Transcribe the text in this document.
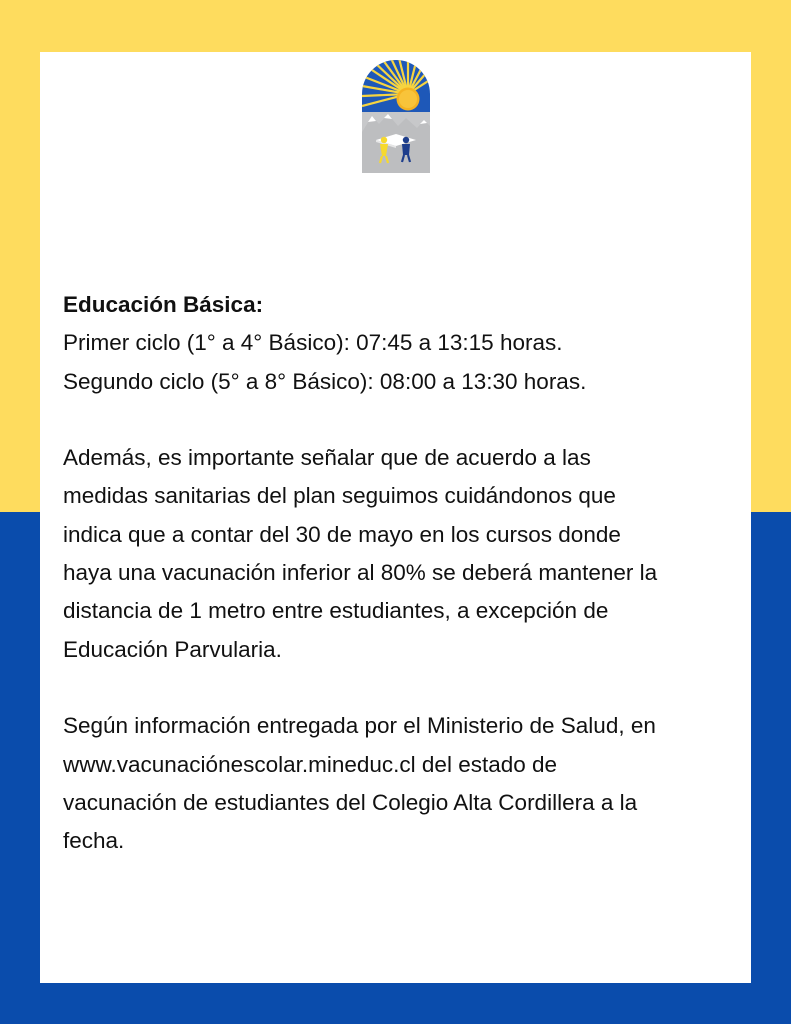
Educación Básica:

Primer ciclo (1° a 4° Básico): 07:45 a 13:15 horas.

Segundo ciclo (5° a 8° Básico): 08:00 a 13:30 horas.

Además, es importante señalar que de acuerdo a las

medidas sanitarias del plan seguimos cuidándonos que

indica que a contar del 30 de mayo en los cursos donde

haya una vacunación inferior al 80% se deberá mantener la

distancia de 1 metro entre estudiantes, a excepción de

Educación Parvularia.

Según información entregada por el Ministerio de Salud, en

www.vacunaciónescolar.mineduc.cl del estado de

vacunación de estudiantes del Colegio Alta Cordillera a la

fecha.
